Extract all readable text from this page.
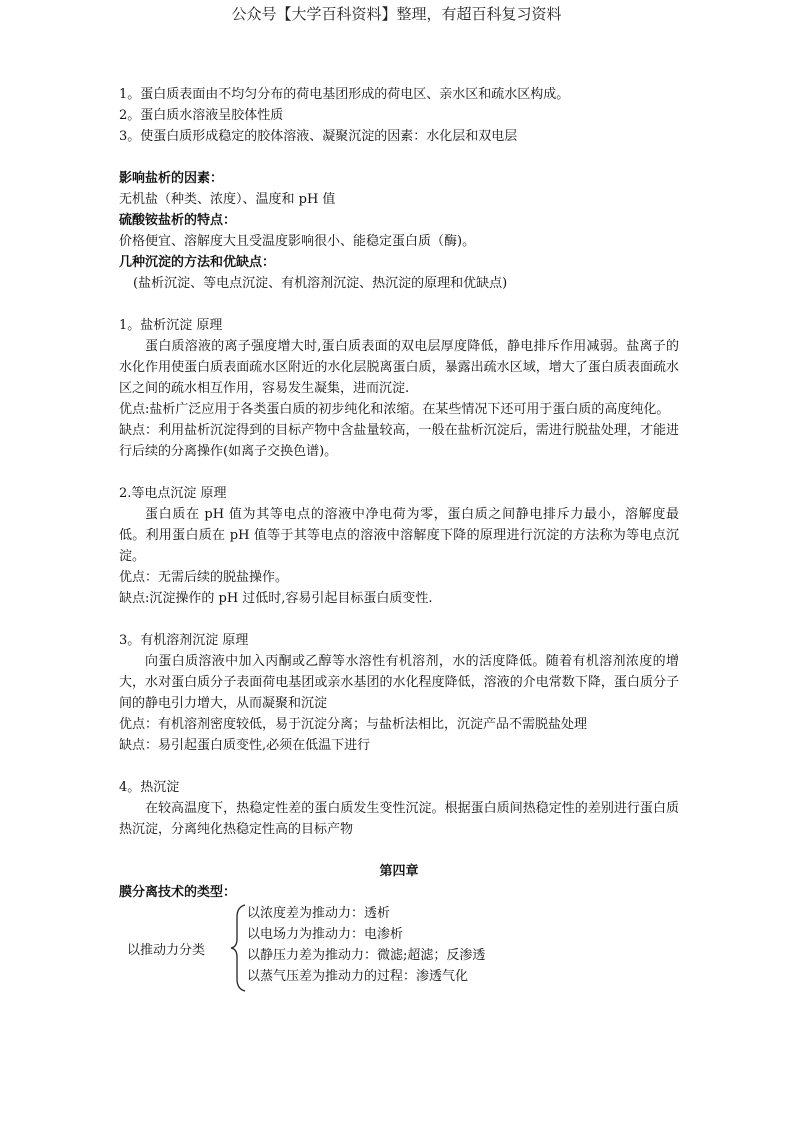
公众号【大学百科资料】整理，有超百科复习资料

1。蛋白质表面由不均匀分布的荷电基团形成的荷电区、亲水区和疏水区构成。

2。蛋白质水溶液呈胶体性质

3。使蛋白质形成稳定的胶体溶液、凝聚沉淀的因素：水化层和双电层

影响盐析的因素：

无机盐（种类、浓度）、温度和 pH 值

硫酸铵盐析的特点：

价格便宜、溶解度大且受温度影响很小、能稳定蛋白质（酶)。

几种沉淀的方法和优缺点：

(盐析沉淀、等电点沉淀、有机溶剂沉淀、热沉淀的原理和优缺点)

1。盐析沉淀 原理

蛋白质溶液的离子强度增大时,蛋白质表面的双电层厚度降低，静电排斥作用减弱。盐离子的水化作用使蛋白质表面疏水区附近的水化层脱离蛋白质，暴露出疏水区域，增大了蛋白质表面疏水区之间的疏水相互作用，容易发生凝集，进而沉淀.

优点:盐析广泛应用于各类蛋白质的初步纯化和浓缩。在某些情况下还可用于蛋白质的高度纯化。

缺点：利用盐析沉淀得到的目标产物中含盐量较高，一般在盐析沉淀后，需进行脱盐处理，才能进行后续的分离操作(如离子交换色谱)。

2.等电点沉淀 原理

蛋白质在 pH 值为其等电点的溶液中净电荷为零，蛋白质之间静电排斥力最小，溶解度最低。利用蛋白质在 pH 值等于其等电点的溶液中溶解度下降的原理进行沉淀的方法称为等电点沉淀。

优点：无需后续的脱盐操作。

缺点:沉淀操作的 pH 过低时,容易引起目标蛋白质变性.

3。有机溶剂沉淀 原理

向蛋白质溶液中加入丙酮或乙醇等水溶性有机溶剂，水的活度降低。随着有机溶剂浓度的增大，水对蛋白质分子表面荷电基团或亲水基团的水化程度降低，溶液的介电常数下降，蛋白质分子间的静电引力增大，从而凝聚和沉淀

优点：有机溶剂密度较低，易于沉淀分离；与盐析法相比，沉淀产品不需脱盐处理

缺点：易引起蛋白质变性,必须在低温下进行

4。热沉淀

在较高温度下，热稳定性差的蛋白质发生变性沉淀。根据蛋白质间热稳定性的差别进行蛋白质热沉淀，分离纯化热稳定性高的目标产物

第四章

膜分离技术的类型：

以推动力分类

以浓度差为推动力：透析

以电场力为推动力：电渗析

以静压力差为推动力：微滤;超滤；反渗透

以蒸气压差为推动力的过程：渗透气化
